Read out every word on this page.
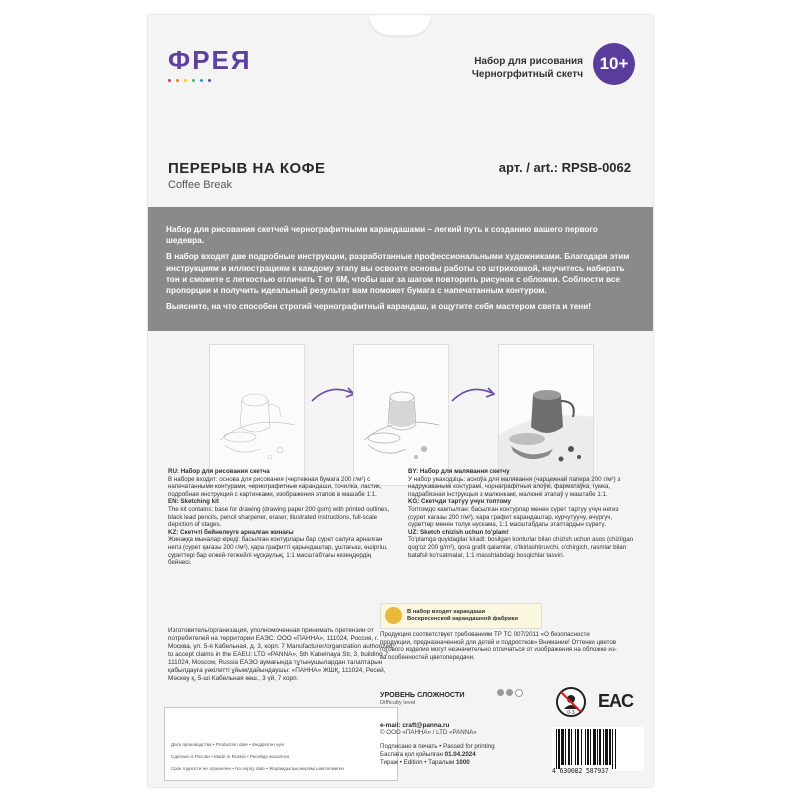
ФРЕЯ	Набор для рисования
Черногрфитный скетч
10+
ПЕРЕРЫВ НА КОФЕ
Coffee Break
арт. / art.: RPSB-0062

Набор для рисования скетчей чернографитными карандашами – легкий путь к созданию вашего первого шедевра.

В набор входят две подробные инструкции, разработанные профессиональными художниками. Благодаря этим инструкциям и иллюстрациям к каждому этапу вы освоите основы работы со штриховкой, научитесь набирать тон и сможете с легкостью отличить Т от 6М, чтобы шаг за шагом повторить рисунок с обложки. Соблюсти все пропорции и получить идеальный результат вам поможет бумага с напечатанным контуром.

Выясните, на что способен строгий чернографитный карандаш, и ощутите себя мастером света и тени!

RU: Набор для рисования скетча
В наборе входит: основа для рисования (чертежная бумага 200 г/м²) с напечатанными контурами, чернографитные карандаши, точилка, ластик, подробная инструкция с картинками, изображения этапов в машабе 1:1.
EN: Sketching kit
The kit contains: base for drawing (drawing paper 200 gsm) with printed outlines, black lead pencils, pencil sharpener, eraser, illustrated instructions, full-scale depiction of stages.
KZ: Скетчті бейнелеуге арналған жинағы
Жинаққа мыналар кіреді: басылған контурлары бар сурет салуға арналған негіз (сурет қағазы 200 г/м²), қара графитті қарындаштар, ұштағыш, өшіргіш, суреттері бар егжей-тегжейлі нұсқаулық, 1:1 масштабтағы кезеңдердің бейнесі.
BY: Набор для малявання скетчу
У набор уваходзіць: асноўа для малявання (чарцежнай папера 200 г/м²) з надрукаванымі контурамі, чорнаграфітныя алоўкі, фарматаўка, гумка, падрабязная інструкцыя з малюнкамі, малюнкі этапаў у маштабе 1:1.
KG: Скетчди тартуу үчүн топтому
Топтомдо камтылган: басылган контурлар менен сүрөт тартуу үчүн негиз (сүрөт кагазы 200 г/м²), кара графит карандаштар, курчутуучу, өчүргүч, сүрөттөр менен толук нускама, 1:1 масштабдагы этаптардын сүрөтү.
UZ: Sketch chizish uchun to'plam!
To'plamga quyidagilar kiradi: bosilgan konturlar bilan chizish uchun asos (chizilgan qog'oz 200 g/m²), qora grafit qalamlar, o'tkirlashtiruvchi, o'chirgich, rasmlar bilan batafsil ko'rsatmalar, 1:1 masshtabdagi bosqichlar tasviri.
Изготовитель/организация, уполномоченная принимать претензии от потребителей на территории ЕАЭС: ООО «ПАННА», 111024, Россия, г. Москва, ул. 5-я Кабельная, д. 3, корп. 7 Manufacturer/organization authorized to accept claims in the EAEU: LTD «PANNA», 5th Kabelnaya Str, 3, building 7, 111024, Moscow, Russia ЕАЭО аумағында тұтынушылардан талаптарын қабылдауға уәкілетті ұйым/дайындаушы: «ПАННА» ЖШҚ, 111024, Ресей, Мәскеу қ, 5-ші Кабельная көш., 3 үй, 7 корп.
Дата производства • Production date • Өндірілген күні
Сделано в России • Made in Russia • Ресейде жасалған
Срок годности не ограничен • No expiry date • Жарамдылық мерзімі шектелмеген
В набор входят карандаши
Воскресенской карандашной фабрики
Продукция соответствует требованиям ТР ТС 007/2011 «О безопасности продукции, предназначенной для детей и подростков» Внимание! Оттенки цветов готового изделия могут незначительно отличаться от изображения на обложке из-за особенностей цветопередачи.
УРОВЕНЬ СЛОЖНОСТИ
Difficulty level
e-mail: craft@panna.ru
© ООО «ПАННА» / LTD «PANNA»
Подписано в печать • Passed for printing
Баспаға қол қойылған 01.04.2024
Тираж • Edition • Таралым 1000
0-3
EAC
4 630082 587937
